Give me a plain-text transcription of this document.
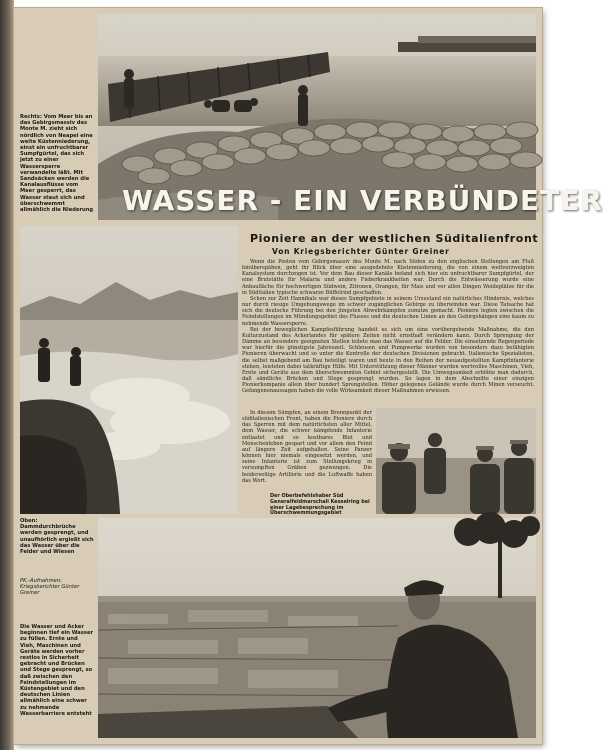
Rechts: Vom Meer bis an das Gebirgsmassiv des Monte M. zieht sich nördlich von Neapel eine weite Küstenniederung, einst ein unfruchtbarer Sumpfgürtel, das sich jetzt zu einer Wassersperre verwandelte läßt. Mit Sandsäcken werden die Kanalausflüsse vom Meer gesperrt, das Wasser staut sich und überschwemmt allmählich die Niederung WASSER - EIN VERBÜNDETER
Pioniere an der westlichen Süditalienfront
Von Kriegsberichter Günter Greiner

Wenn die Posten vom Gebirgsmassiv des Monte M. nach Süden zu den englischen Stellungen am Fluß hinüberspähen, geht ihr Blick über eine ausgedehnte Küstenniederung, die von einem weitverzweigten Kanalsystem durchzogen ist. Vor dem Bau dieser Kanäle befand sich hier ein unfruchtbarer Sumpfgürtel, der eine Brutstätte für Malaria und andere Fieberkrankheiten war. Durch die Entwässerung wurde eine Anbaufläche für hochwertigen Südwein, Zitronen, Orangen, für Mais und vor allen Dingen Weideplätze für die in Süditalien typische schwarze Büffelrind geschaffen.

Schon zur Zeit Hannibals war dieses Sumpfgebiete in seinem Urzustand ein natürliches Hindernis, welches nur durch riesige Umgehungswege im schwer zugänglichen Gebirge zu überwinden war. Diese Tatsache hat sich die deutsche Führung bei den jüngsten Abwehrkämpfen zunutze gemacht. Pioniere legten zwischen die Feindstellungen im Mündungsgebiet des Flusses und die deutschen Linien an den Gebirgshängen eine kaum zu nehmende Wassersperre.

Bei der beweglichen Kampfesführung handelt es sich um eine vorübergehende Maßnahme, die den Kulturzustand des Ackerlandes für spätere Zeiten nicht ernsthaft verändern kann. Durch Sprengung der Dämme an besonders geeigneten Stellen leitete man das Wasser auf die Felder. Die einsetzende Regenperiode war hierfür die günstigste Jahreszeit. Schleusen und Pumpwerke wurden von besonders dazu befähigten Pionieren überwacht und so unter die Kontrolle der deutschen Divisionen gebracht. Italienische Spezialisten, die selbst maßgebend am Bau beteiligt waren und heute in den Reihen der neuaufgestellten Kampfinfanterie stehen, leisteten dabei tatkräftige Hilfe. Mit Unterstützung dieser Männer wurden wertvolles Maschinen, Vieh, Ernte und Geräte aus dem überschwemmten Gebiet sichergestellt. Die Umwegsamkeit erhöhte man dadurch, daß sämtliche Brücken und Stege gesprengt wurden. So lagen in dem Abschnitte einer einzigen Pionierkompanie allein über hundert Sprengstellen. Höher gelegenes Gelände wurde durch Minen verseucht. Gefangenenaussagen haben die volle Wirksamkeit dieser Maßnahmen erwiesen.

In diesem Sümpfen, an einem Brennpunkt der süditalienischen Front, haben die Pioniere durch das Sperren mit dem natürlichsten aller Mittel, dem Wasser, die schwer kämpfende Infanterie entlastet und so kostbares Blut und Menschenleben gespart und vor allem den Feind auf längere Zeit aufgehalten. Seine Panzer können hier niemals eingesetzt werden, und seine Infanterie ist zum Stellungskrieg in versumpften Gräben gezwungen. Die beiderseitige Artillerie und die Luftwaffe haben das Wort.

Der Oberbefehlshaber Süd Generalfeldmarschall Kesselring bei einer Lagebesprechung im Überschwemmungsgebiet
Oben: Dammdurchbrüche werden gesprengt, und unaufhörlich ergießt sich das Wasser über die Felder und Wiesen
PK.-Aufnahmen: Kriegsberichter Günter Greiner
Die Wasser und Acker beginnen tief ein Wasser zu füllen. Ernte und Vieh, Maschinen und Geräte werden vorher restlos in Sicherheit gebracht und Brücken und Stege gesprengt, so daß zwischen den Feindstellungen im Küstengebiet und den deutschen Linien allmählich eine schwer zu nehmende Wasserbarriere entsteht
